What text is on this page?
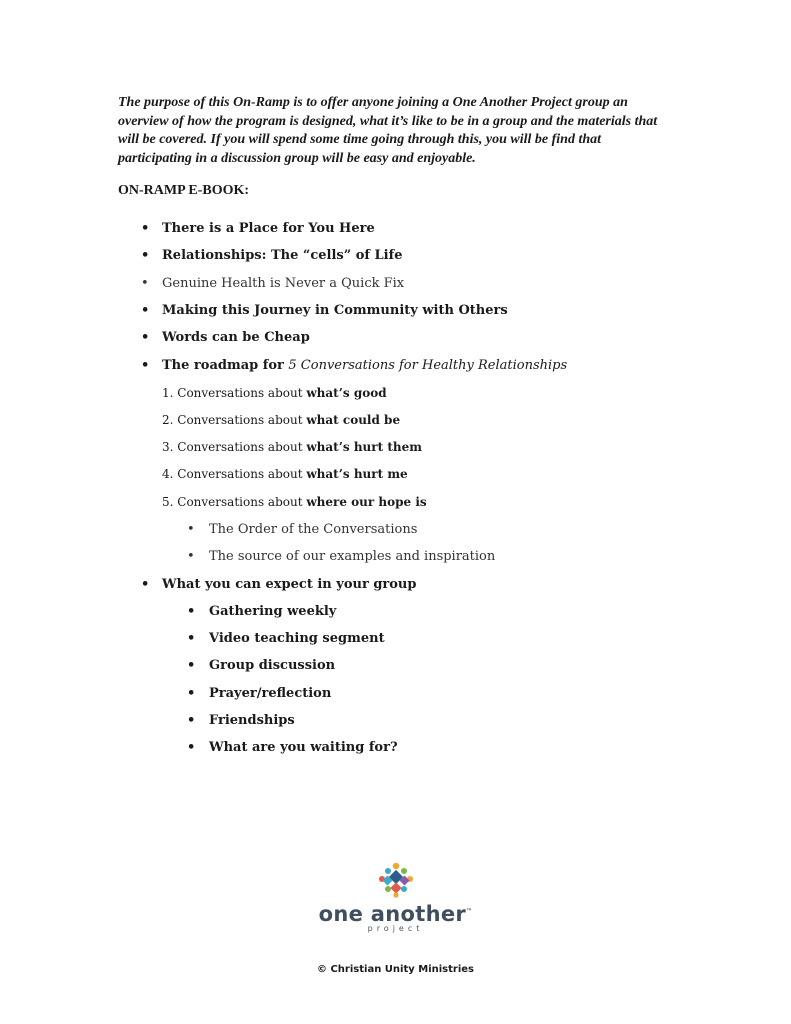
The purpose of this On-Ramp is to offer anyone joining a One Another Project group an overview of how the program is designed, what it’s like to be in a group and the materials that will be covered. If you will spend some time going through this, you will be find that participating in a discussion group will be easy and enjoyable.
ON-RAMP E-BOOK:
• There is a Place for You Here
• Relationships: The “cells” of Life
• Genuine Health is Never a Quick Fix
• Making this Journey in Community with Others
• Words can be Cheap
• The roadmap for 5 Conversations for Healthy Relationships
1. Conversations about what’s good
2. Conversations about what could be
3. Conversations about what’s hurt them
4. Conversations about what’s hurt me
5. Conversations about where our hope is
• The Order of the Conversations
• The source of our examples and inspiration
• What you can expect in your group
• Gathering weekly
• Video teaching segment
• Group discussion
• Prayer/reflection
• Friendships
• What are you waiting for?
one another™
project
© Christian Unity Ministries
